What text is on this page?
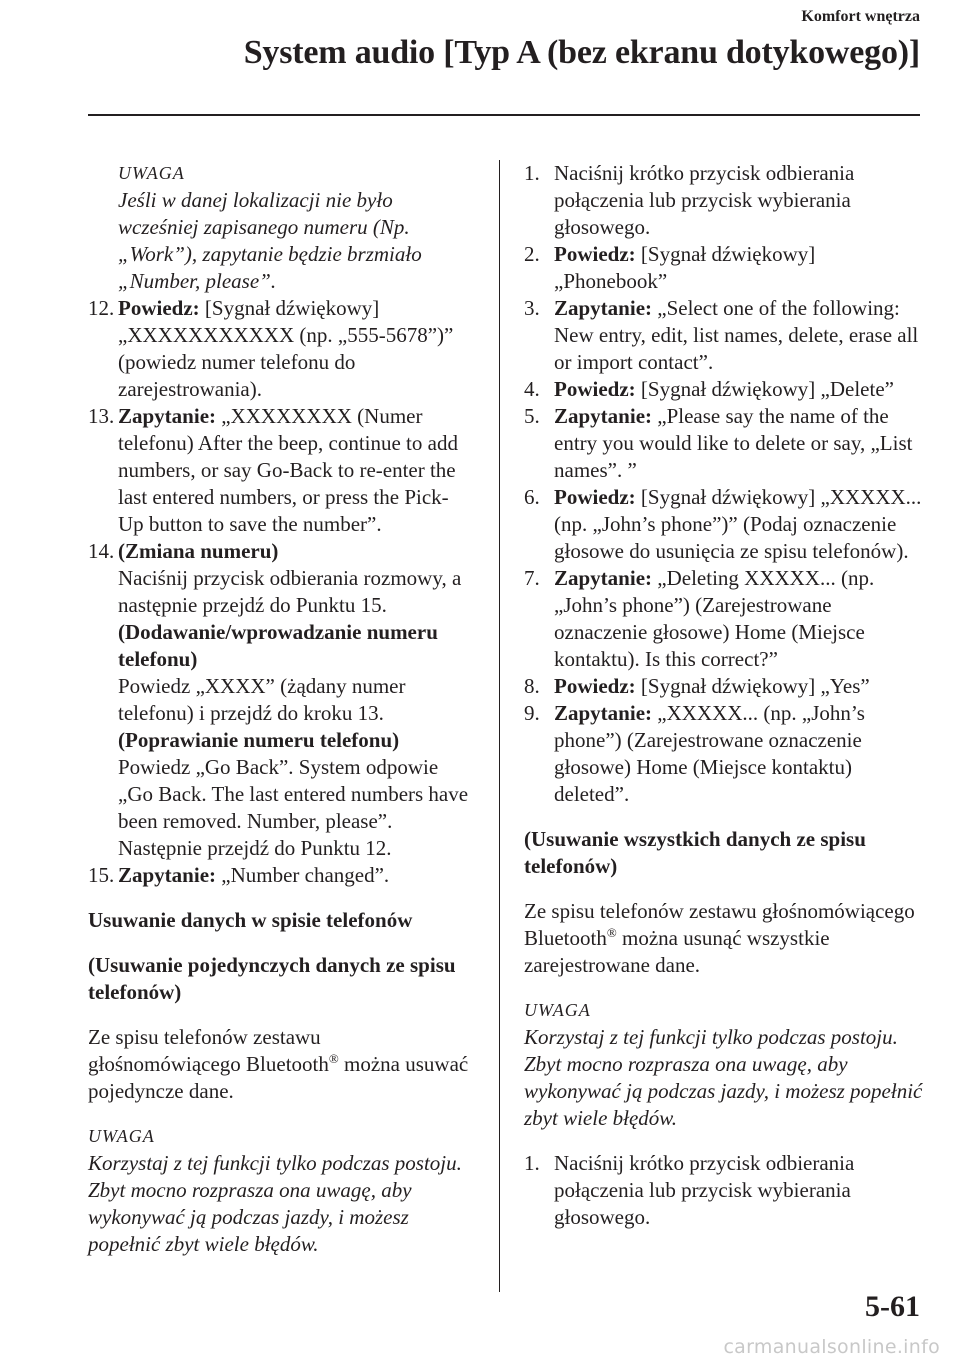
Komfort wnętrza
System audio [Typ A (bez ekranu dotykowego)]

UWAGA

Jeśli w danej lokalizacji nie było wcześniej zapisanego numeru (Np. „Work”), zapytanie będzie brzmiało „Number, please”.

12. Powiedz: [Sygnał dźwiękowy] „XXXXXXXXXXX (np. „555-5678”)” (powiedz numer telefonu do zarejestrowania).
13. Zapytanie: „XXXXXXXX (Numer telefonu) After the beep, continue to add numbers, or say Go-Back to re-enter the last entered numbers, or press the Pick-Up button to save the number”.
14. (Zmiana numeru)

Naciśnij przycisk odbierania rozmowy, a następnie przejdź do Punktu 15.

(Dodawanie/wprowadzanie numeru telefonu)

Powiedz „XXXX” (żądany numer telefonu) i przejdź do kroku 13.

(Poprawianie numeru telefonu)

Powiedz „Go Back”. System odpowie „Go Back. The last entered numbers have been removed. Number, please”. Następnie przejdź do Punktu 12.

15. Zapytanie: „Number changed”.

Usuwanie danych w spisie telefonów

(Usuwanie pojedynczych danych ze spisu telefonów)

Ze spisu telefonów zestawu głośnomówiącego Bluetooth® można usuwać pojedyncze dane.

UWAGA

Korzystaj z tej funkcji tylko podczas postoju. Zbyt mocno rozprasza ona uwagę, aby wykonywać ją podczas jazdy, i możesz popełnić zbyt wiele błędów.

1. Naciśnij krótko przycisk odbierania połączenia lub przycisk wybierania głosowego.
2. Powiedz: [Sygnał dźwiękowy] „Phonebook”
3. Zapytanie: „Select one of the following: New entry, edit, list names, delete, erase all or import contact”.
4. Powiedz: [Sygnał dźwiękowy] „Delete”
5. Zapytanie: „Please say the name of the entry you would like to delete or say, „List names”. ”
6. Powiedz: [Sygnał dźwiękowy] „XXXXX... (np. „John’s phone”)” (Podaj oznaczenie głosowe do usunięcia ze spisu telefonów).
7. Zapytanie: „Deleting XXXXX... (np. „John’s phone”) (Zarejestrowane oznaczenie głosowe) Home (Miejsce kontaktu). Is this correct?”
8. Powiedz: [Sygnał dźwiękowy] „Yes”
9. Zapytanie: „XXXXX... (np. „John’s phone”) (Zarejestrowane oznaczenie głosowe) Home (Miejsce kontaktu) deleted”.

(Usuwanie wszystkich danych ze spisu telefonów)

Ze spisu telefonów zestawu głośnomówiącego Bluetooth® można usunąć wszystkie zarejestrowane dane.

UWAGA

Korzystaj z tej funkcji tylko podczas postoju. Zbyt mocno rozprasza ona uwagę, aby wykonywać ją podczas jazdy, i możesz popełnić zbyt wiele błędów.

1. Naciśnij krótko przycisk odbierania połączenia lub przycisk wybierania głosowego.
5-61
carmanualsonline.info
